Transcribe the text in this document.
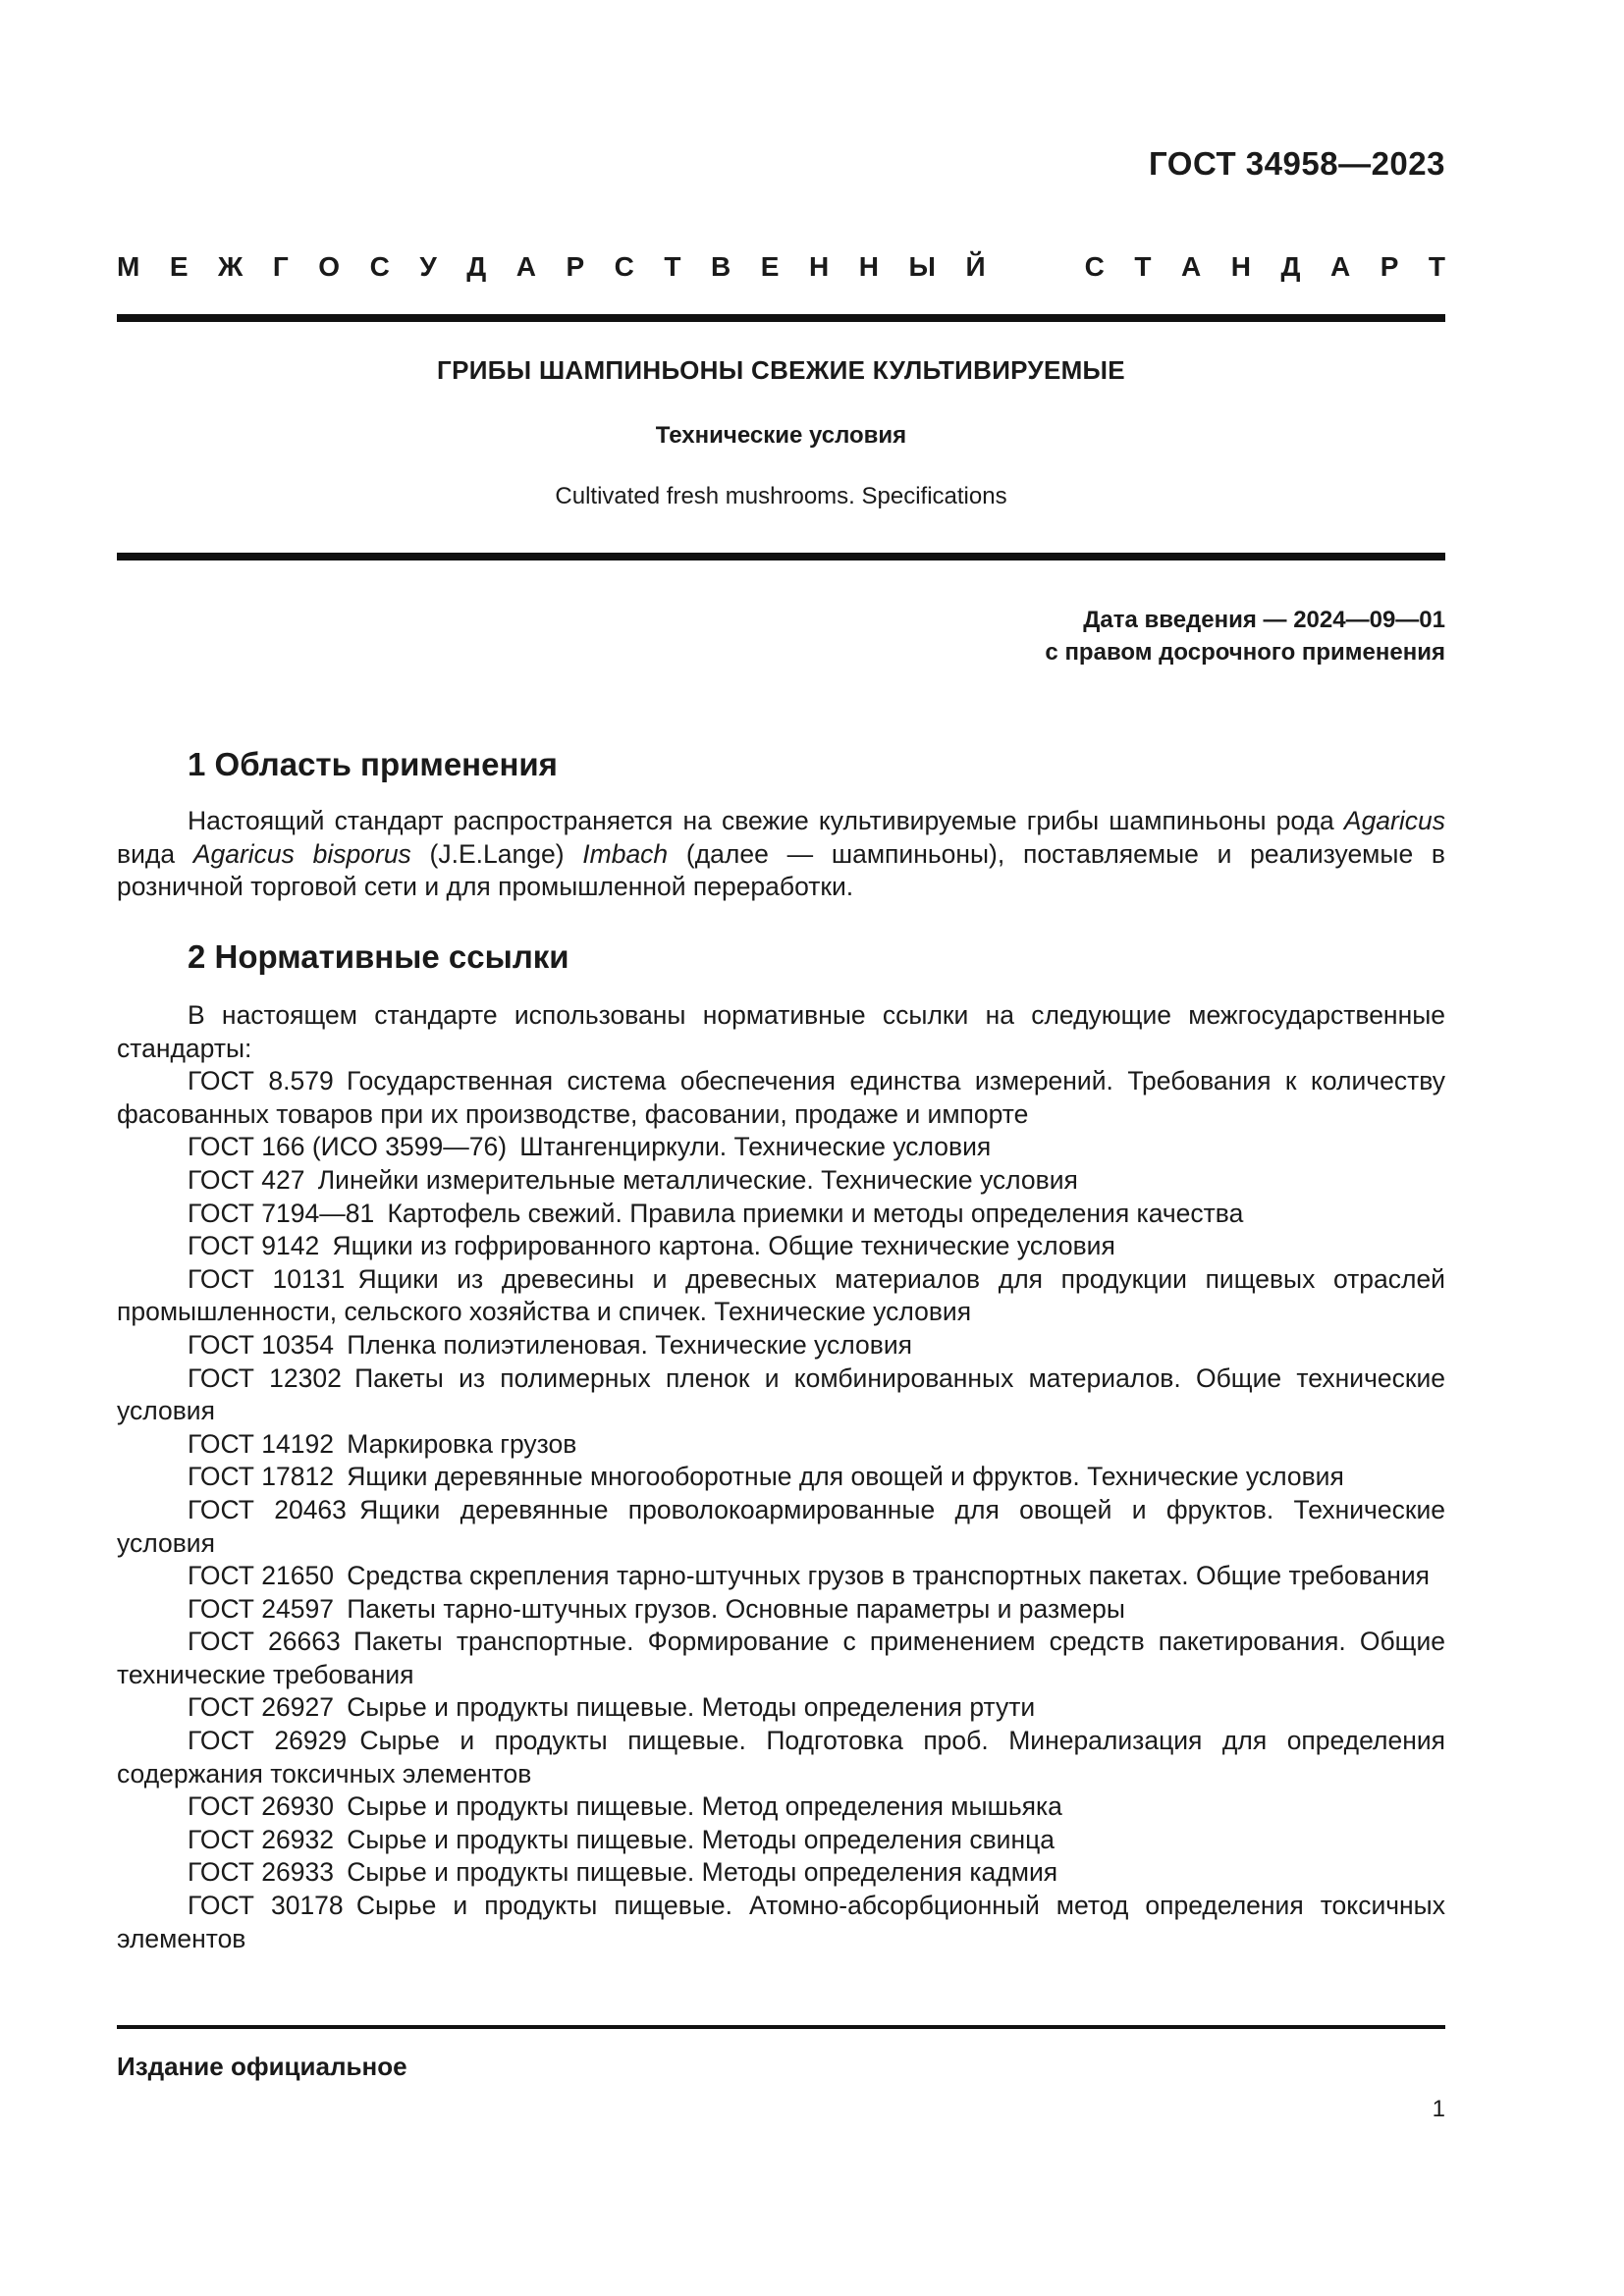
ГОСТ 34958—2023
М Е Ж Г О С У Д А Р С Т В Е Н Н Ы Й	С Т А Н Д А Р Т
ГРИБЫ ШАМПИНЬОНЫ СВЕЖИЕ КУЛЬТИВИРУЕМЫЕ
Технические условия
Cultivated fresh mushrooms. Specifications
Дата введения — 2024—09—01
с правом досрочного применения
1 Область применения
Настоящий стандарт распространяется на свежие культивируемые грибы шампиньоны рода Agaricus вида Agaricus bisporus (J.E.Lange) Imbach (далее — шампиньоны), поставляемые и реализуемые в розничной торговой сети и для промышленной переработки.
2 Нормативные ссылки
В настоящем стандарте использованы нормативные ссылки на следующие межгосударственные стандарты:
ГОСТ 8.579  Государственная система обеспечения единства измерений. Требования к количеству фасованных товаров при их производстве, фасовании, продаже и импорте
ГОСТ 166 (ИСО 3599—76)  Штангенциркули. Технические условия
ГОСТ 427  Линейки измерительные металлические. Технические условия
ГОСТ 7194—81  Картофель свежий. Правила приемки и методы определения качества
ГОСТ 9142  Ящики из гофрированного картона. Общие технические условия
ГОСТ 10131  Ящики из древесины и древесных материалов для продукции пищевых отраслей промышленности, сельского хозяйства и спичек. Технические условия
ГОСТ 10354  Пленка полиэтиленовая. Технические условия
ГОСТ 12302  Пакеты из полимерных пленок и комбинированных материалов. Общие технические условия
ГОСТ 14192  Маркировка грузов
ГОСТ 17812  Ящики деревянные многооборотные для овощей и фруктов. Технические условия
ГОСТ 20463  Ящики деревянные проволокоармированные для овощей и фруктов. Технические условия
ГОСТ 21650  Средства скрепления тарно-штучных грузов в транспортных пакетах. Общие требования
ГОСТ 24597  Пакеты тарно-штучных грузов. Основные параметры и размеры
ГОСТ 26663  Пакеты транспортные. Формирование с применением средств пакетирования. Общие технические требования
ГОСТ 26927  Сырье и продукты пищевые. Методы определения ртути
ГОСТ 26929  Сырье и продукты пищевые. Подготовка проб. Минерализация для определения содержания токсичных элементов
ГОСТ 26930  Сырье и продукты пищевые. Метод определения мышьяка
ГОСТ 26932  Сырье и продукты пищевые. Методы определения свинца
ГОСТ 26933  Сырье и продукты пищевые. Методы определения кадмия
ГОСТ 30178  Сырье и продукты пищевые. Атомно-абсорбционный метод определения токсичных элементов
Издание официальное
1
